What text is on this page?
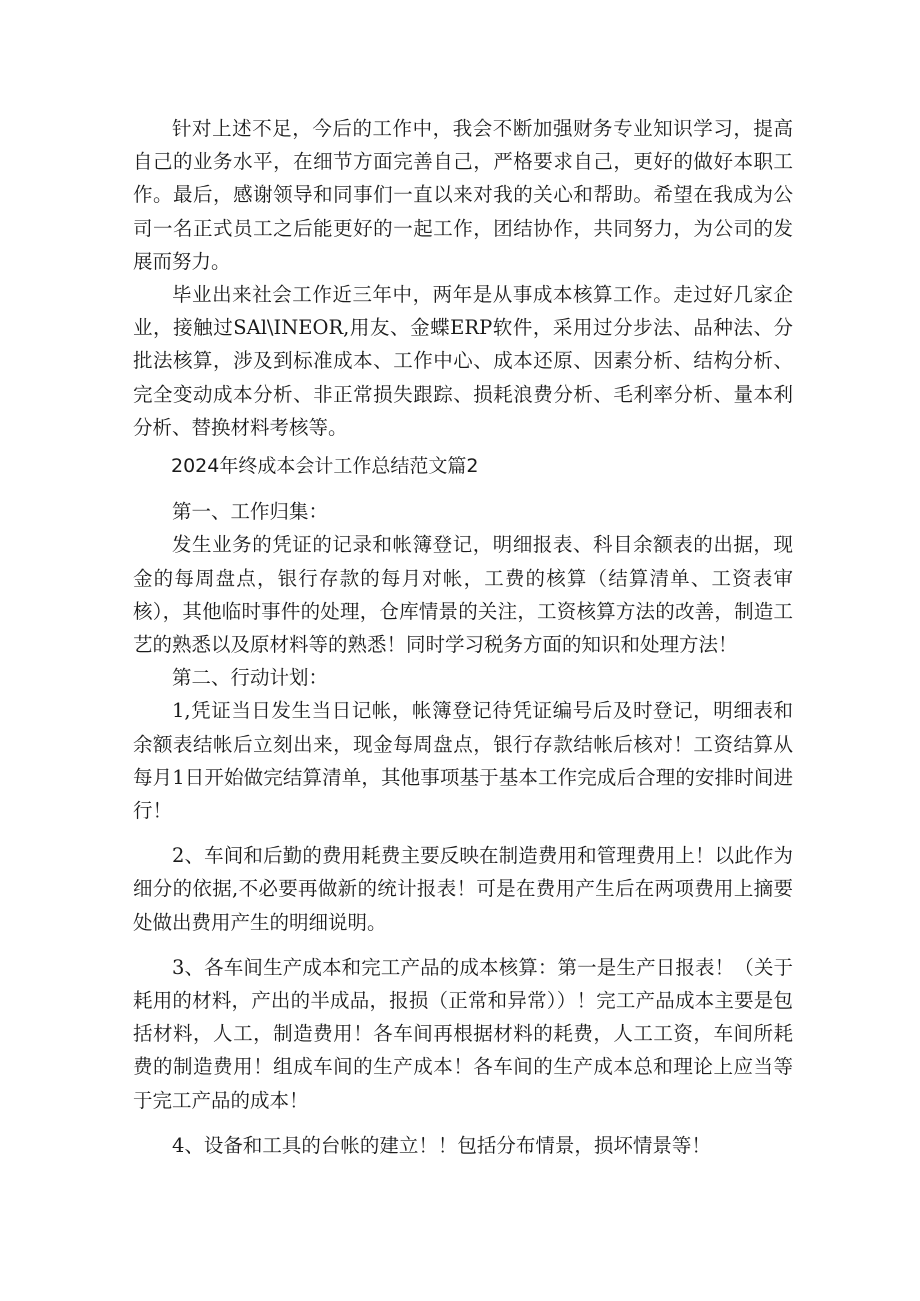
针对上述不足，今后的工作中，我会不断加强财务专业知识学习，提高自己的业务水平，在细节方面完善自己，严格要求自己，更好的做好本职工作。最后，感谢领导和同事们一直以来对我的关心和帮助。希望在我成为公司一名正式员工之后能更好的一起工作，团结协作，共同努力，为公司的发展而努力。

毕业出来社会工作近三年中，两年是从事成本核算工作。走过好几家企业，接触过SAl\INEOR,用友、金蝶ERP软件，采用过分步法、品种法、分批法核算，涉及到标准成本、工作中心、成本还原、因素分析、结构分析、完全变动成本分析、非正常损失跟踪、损耗浪费分析、毛利率分析、量本利分析、替换材料考核等。

2024年终成本会计工作总结范文篇2

第一、工作归集：

发生业务的凭证的记录和帐簿登记，明细报表、科目余额表的出据，现金的每周盘点，银行存款的每月对帐，工费的核算（结算清单、工资表审核），其他临时事件的处理，仓库情景的关注，工资核算方法的改善，制造工艺的熟悉以及原材料等的熟悉！同时学习税务方面的知识和处理方法！

第二、行动计划：

1,凭证当日发生当日记帐，帐簿登记待凭证编号后及时登记，明细表和余额表结帐后立刻出来，现金每周盘点，银行存款结帐后核对！工资结算从每月1日开始做完结算清单，其他事项基于基本工作完成后合理的安排时间进行！

2、车间和后勤的费用耗费主要反映在制造费用和管理费用上！以此作为细分的依据,不必要再做新的统计报表！可是在费用产生后在两项费用上摘要处做出费用产生的明细说明。

3、各车间生产成本和完工产品的成本核算：第一是生产日报表！（关于耗用的材料，产出的半成品，报损（正常和异常））！完工产品成本主要是包括材料，人工，制造费用！各车间再根据材料的耗费，人工工资，车间所耗费的制造费用！组成车间的生产成本！各车间的生产成本总和理论上应当等于完工产品的成本！

4、设备和工具的台帐的建立！！包括分布情景，损坏情景等！
